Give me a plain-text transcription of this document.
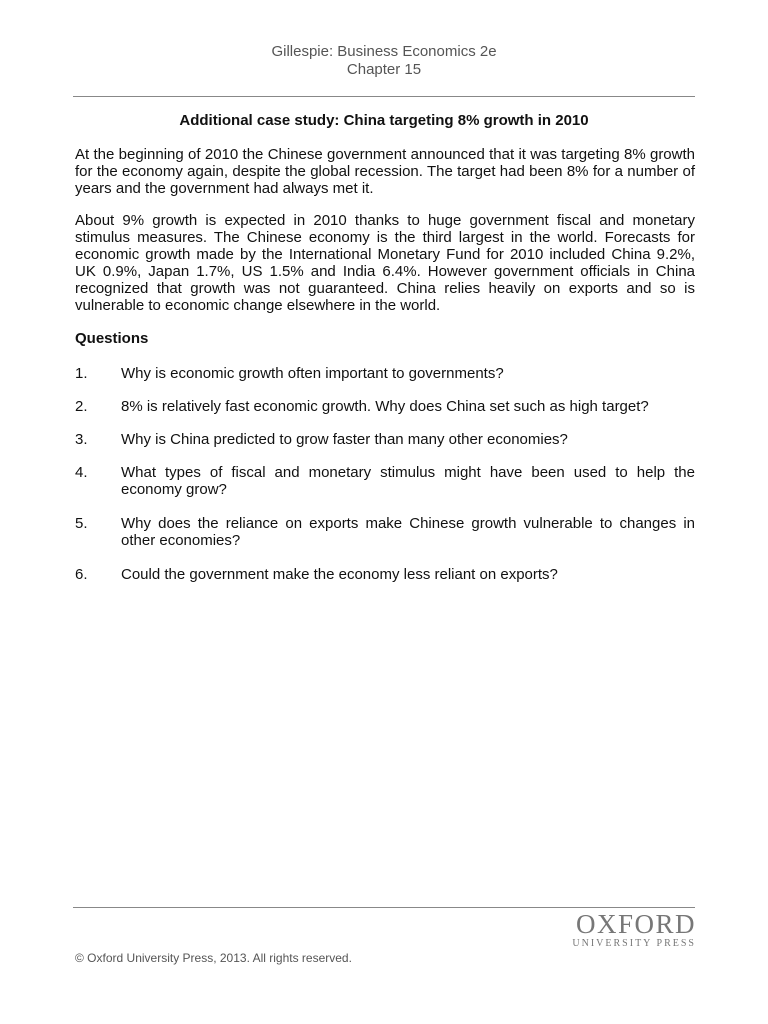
Gillespie: Business Economics 2e
Chapter 15
Additional case study: China targeting 8% growth in 2010
At the beginning of 2010 the Chinese government announced that it was targeting 8% growth for the economy again, despite the global recession. The target had been 8% for a number of years and the government had always met it.
About 9% growth is expected in 2010 thanks to huge government fiscal and monetary stimulus measures. The Chinese economy is the third largest in the world. Forecasts for economic growth made by the International Monetary Fund for 2010 included China 9.2%, UK 0.9%, Japan 1.7%, US 1.5% and India 6.4%. However government officials in China recognized that growth was not guaranteed. China relies heavily on exports and so is vulnerable to economic change elsewhere in the world.
Questions
1.	Why is economic growth often important to governments?
2.	8% is relatively fast economic growth. Why does China set such as high target?
3.	Why is China predicted to grow faster than many other economies?
4.	What types of fiscal and monetary stimulus might have been used to help the economy grow?
5.	Why does the reliance on exports make Chinese growth vulnerable to changes in other economies?
6.	Could the government make the economy less reliant on exports?
OXFORD
UNIVERSITY PRESS
© Oxford University Press, 2013. All rights reserved.
